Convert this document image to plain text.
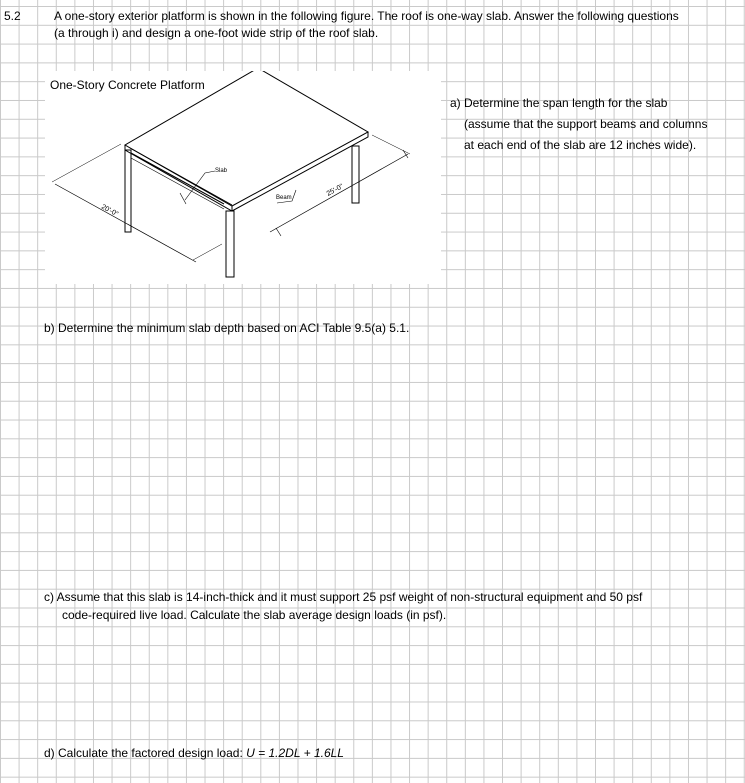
5.2	A one-story exterior platform is shown in the following figure. The roof is one-way slab. Answer the following questions
(a through i) and design a one-foot wide strip of the roof slab.
Slab
Beam
20'-0"
25'-0"
One-Story Concrete Platform
a) Determine the span length for the slab
(assume that the support beams and columns
at each end of the slab are 12 inches wide).
b) Determine the minimum slab depth based on ACI Table 9.5(a) 5.1.
c) Assume that this slab is 14-inch-thick and it must support 25 psf weight of non-structural equipment and 50 psf
code-required live load. Calculate the slab average design loads (in psf).
d) Calculate the factored design load: U = 1.2DL + 1.6LL
